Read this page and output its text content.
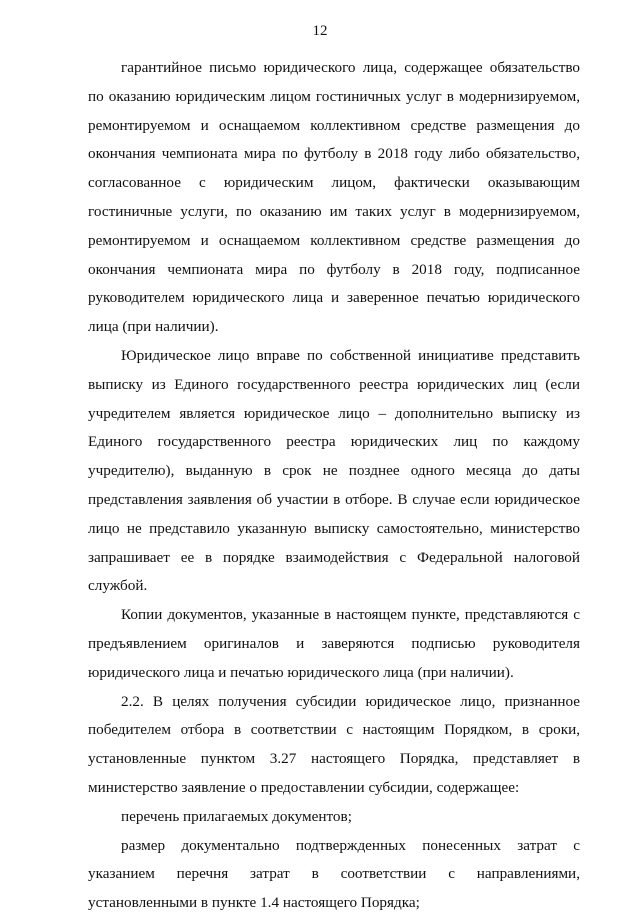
12
гарантийное письмо юридического лица, содержащее обязательство
по оказанию юридическим лицом гостиничных услуг в модернизируемом,
ремонтируемом и оснащаемом коллективном средстве размещения до
окончания чемпионата мира по футболу в 2018 году либо обязательство,
согласованное с юридическим лицом, фактически оказывающим
гостиничные услуги, по оказанию им таких услуг в модернизируемом,
ремонтируемом и оснащаемом коллективном средстве размещения до
окончания чемпионата мира по футболу в 2018 году, подписанное
руководителем юридического лица и заверенное печатью юридического
лица (при наличии).
Юридическое лицо вправе по собственной инициативе представить
выписку из Единого государственного реестра юридических лиц (если
учредителем является юридическое лицо – дополнительно выписку из
Единого государственного реестра юридических лиц по каждому
учредителю), выданную в срок не позднее одного месяца до даты
представления заявления об участии в отборе. В случае если юридическое
лицо не представило указанную выписку самостоятельно, министерство
запрашивает ее в порядке взаимодействия с Федеральной налоговой
службой.
Копии документов, указанные в настоящем пункте, представляются с
предъявлением оригиналов и заверяются подписью руководителя
юридического лица и печатью юридического лица (при наличии).
2.2. В целях получения субсидии юридическое лицо, признанное
победителем отбора в соответствии с настоящим Порядком, в сроки,
установленные пунктом 3.27 настоящего Порядка, представляет в
министерство заявление о предоставлении субсидии, содержащее:
перечень прилагаемых документов;
размер документально подтвержденных понесенных затрат с
указанием перечня затрат в соответствии с направлениями,
установленными в пункте 1.4 настоящего Порядка;
